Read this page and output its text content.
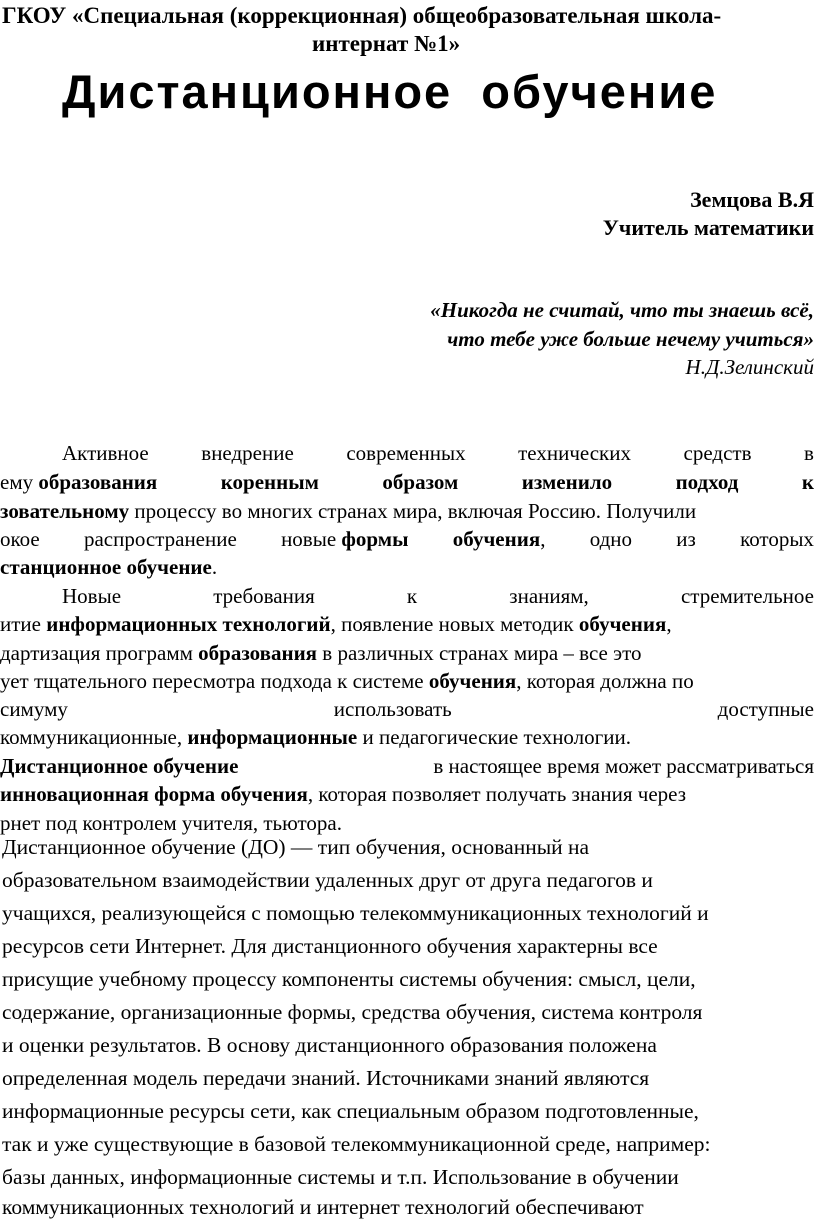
ГКОУ «Специальная (коррекционная) общеобразовательная школа-

интернат №1»

Дистанционное обучение

Земцова В.Я

Учитель математики

«Никогда не считай, что ты знаешь всё,

что тебе уже больше нечему учиться»

Н.Д.Зелинский

Активное	внедрение	современных	технических	средств	в
ему образования	коренным	образом	изменило	подход	к
зовательному процессу во многих странах мира, включая Россию. Получили
окое распространение новые формы обучения, одно из которых
станционное обучение.
Новые	требования	к	знаниям,	стремительное
итие информационных технологий, появление новых методик обучения,
дартизация программ образования в различных странах мира – все это
ует тщательного пересмотра подхода к системе обучения, которая должна по
симуму	использовать	доступные
коммуникационные, информационные и педагогические технологии.
Дистанционное обучение	в настоящее время может рассматриваться
инновационная форма обучения, которая позволяет получать знания через
рнет под контролем учителя, тьютора.

Дистанционное обучение (ДО) — тип обучения, основанный на

образовательном взаимодействии удаленных друг от друга педагогов и

учащихся, реализующейся с помощью телекоммуникационных технологий и

ресурсов сети Интернет. Для дистанционного обучения характерны все

присущие учебному процессу компоненты системы обучения: смысл, цели,

содержание, организационные формы, средства обучения, система контроля

и оценки результатов. В основу дистанционного образования положена

определенная модель передачи знаний. Источниками знаний являются

информационные ресурсы сети, как специальным образом подготовленные,

так и уже существующие в базовой телекоммуникационной среде, например:

базы данных, информационные системы и т.п. Использование в обучении

коммуникационных технологий и интернет технологий обеспечивают
